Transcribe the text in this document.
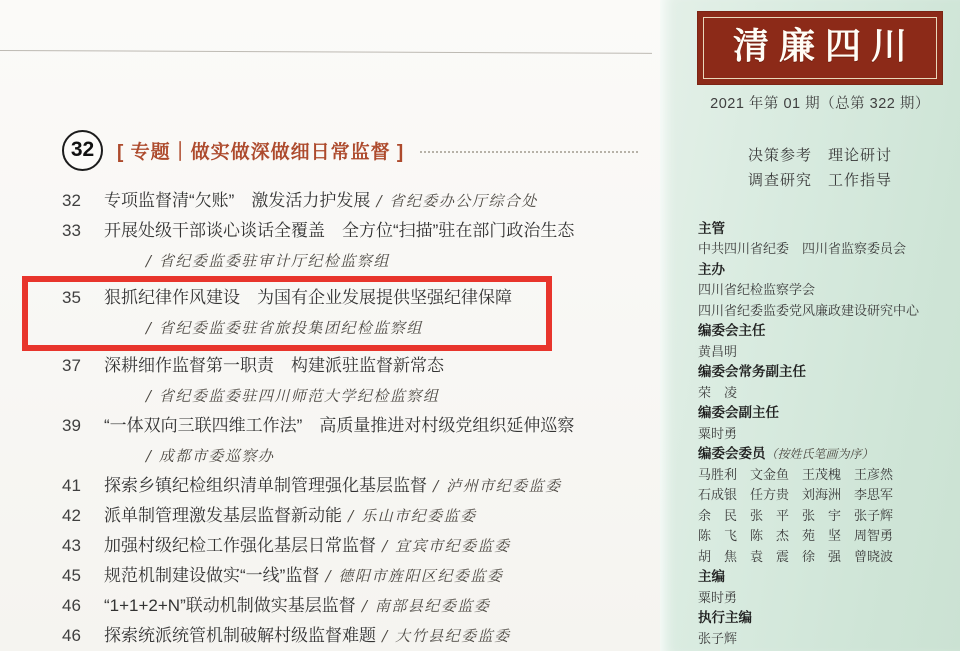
32	[ 专题｜做实做深做细日常监督 ]
32	专项监督清“欠账”　激发活力护发展 / 省纪委办公厅综合处
33	开展处级干部谈心谈话全覆盖　全方位“扫描”驻在部门政治生态
/ 省纪委监委驻审计厅纪检监察组
35	狠抓纪律作风建设　为国有企业发展提供坚强纪律保障
/ 省纪委监委驻省旅投集团纪检监察组
37	深耕细作监督第一职责　构建派驻监督新常态
/ 省纪委监委驻四川师范大学纪检监察组
39	“一体双向三联四维工作法”　高质量推进对村级党组织延伸巡察
/ 成都市委巡察办
41	探索乡镇纪检组织清单制管理强化基层监督 / 泸州市纪委监委
42	派单制管理激发基层监督新动能 / 乐山市纪委监委
43	加强村级纪检工作强化基层日常监督 / 宜宾市纪委监委
45	规范机制建设做实“一线”监督 / 德阳市旌阳区纪委监委
46	“1+1+2+N”联动机制做实基层监督 / 南部县纪委监委
46	探索统派统管机制破解村级监督难题 / 大竹县纪委监委
清廉四川
2021 年第 01 期（总第 322 期）
决策参考　理论研讨
调查研究　工作指导
主管
中共四川省纪委　四川省监察委员会
主办
四川省纪检监察学会
四川省纪委监委党风廉政建设研究中心
编委会主任
黄昌明
编委会常务副主任
荣　凌
编委会副主任
粟时勇
编委会委员（按姓氏笔画为序）
马胜利　文金鱼　王茂槐　王彦然
石成银　任方贵　刘海洲　李思军
余　民　张　平　张　宇　张子辉
陈　飞　陈　杰　苑　坚　周智勇
胡　焦　袁　震　徐　强　曾晓波
主编
粟时勇
执行主编
张子辉
